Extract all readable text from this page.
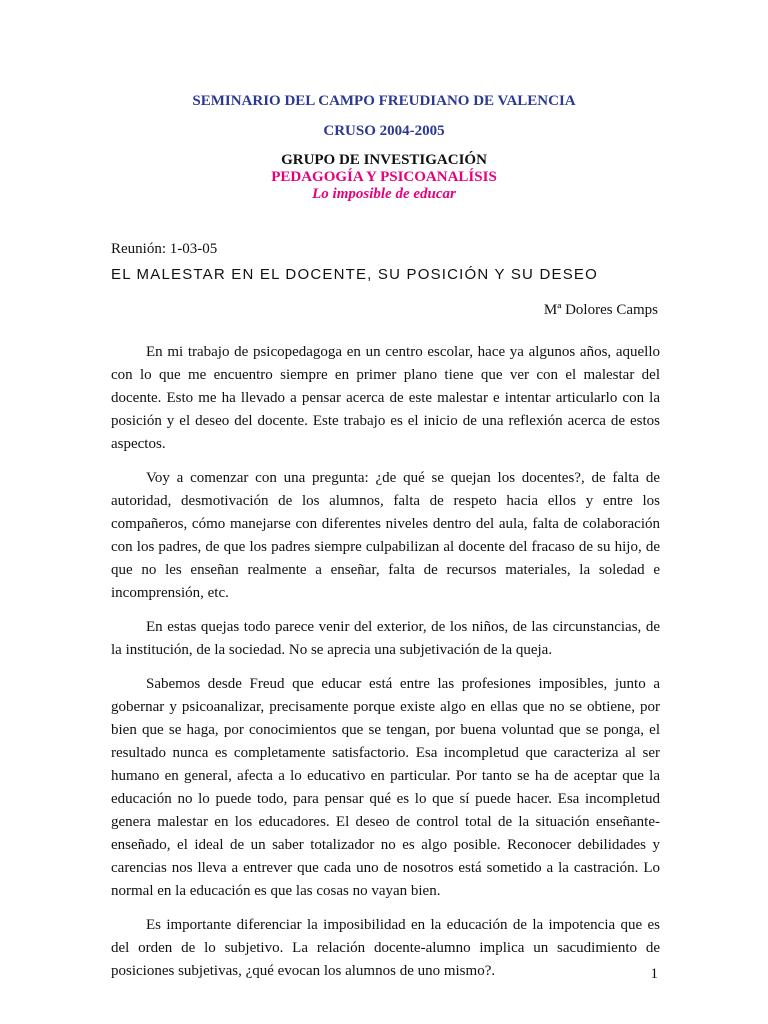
SEMINARIO DEL CAMPO FREUDIANO DE VALENCIA
CRUSO 2004-2005
GRUPO DE INVESTIGACIÓN
PEDAGOGÍA Y PSICOANALÍSIS
Lo imposible de educar
Reunión: 1-03-05
EL MALESTAR EN EL DOCENTE, SU POSICIÓN Y SU DESEO
Mª Dolores Camps

En mi trabajo de psicopedagoga en un centro escolar, hace ya algunos años, aquello con lo que me encuentro siempre en primer plano tiene que ver con el malestar del docente. Esto me ha llevado a pensar acerca de este malestar e intentar articularlo con la posición y el deseo del docente. Este trabajo es el inicio de una reflexión acerca de estos aspectos.

Voy a comenzar con una pregunta: ¿de qué se quejan los docentes?, de falta de autoridad, desmotivación de los alumnos, falta de respeto hacia ellos y entre los compañeros, cómo manejarse con diferentes niveles dentro del aula, falta de colaboración con los padres, de que los padres siempre culpabilizan al docente del fracaso de su hijo, de que no les enseñan realmente a enseñar, falta de recursos materiales, la soledad e incomprensión, etc.

En estas quejas todo parece venir del exterior, de los niños, de las circunstancias, de la institución, de la sociedad. No se aprecia una subjetivación de la queja.

Sabemos desde Freud que educar está entre las profesiones imposibles, junto a gobernar y psicoanalizar, precisamente porque existe algo en ellas que no se obtiene, por bien que se haga, por conocimientos que se tengan, por buena voluntad que se ponga, el resultado nunca es completamente satisfactorio. Esa incompletud que caracteriza al ser humano en general, afecta a lo educativo en particular. Por tanto se ha de aceptar que la educación no lo puede todo, para pensar qué es lo que sí puede hacer. Esa incompletud genera malestar en los educadores. El deseo de control total de la situación enseñante-enseñado, el ideal de un saber totalizador no es algo posible. Reconocer debilidades y carencias nos lleva a entrever que cada uno de nosotros está sometido a la castración. Lo normal en la educación es que las cosas no vayan bien.

Es importante diferenciar la imposibilidad en la educación de la impotencia que es del orden de lo subjetivo. La relación docente-alumno implica un sacudimiento de posiciones subjetivas, ¿qué evocan los alumnos de uno mismo?.	1
